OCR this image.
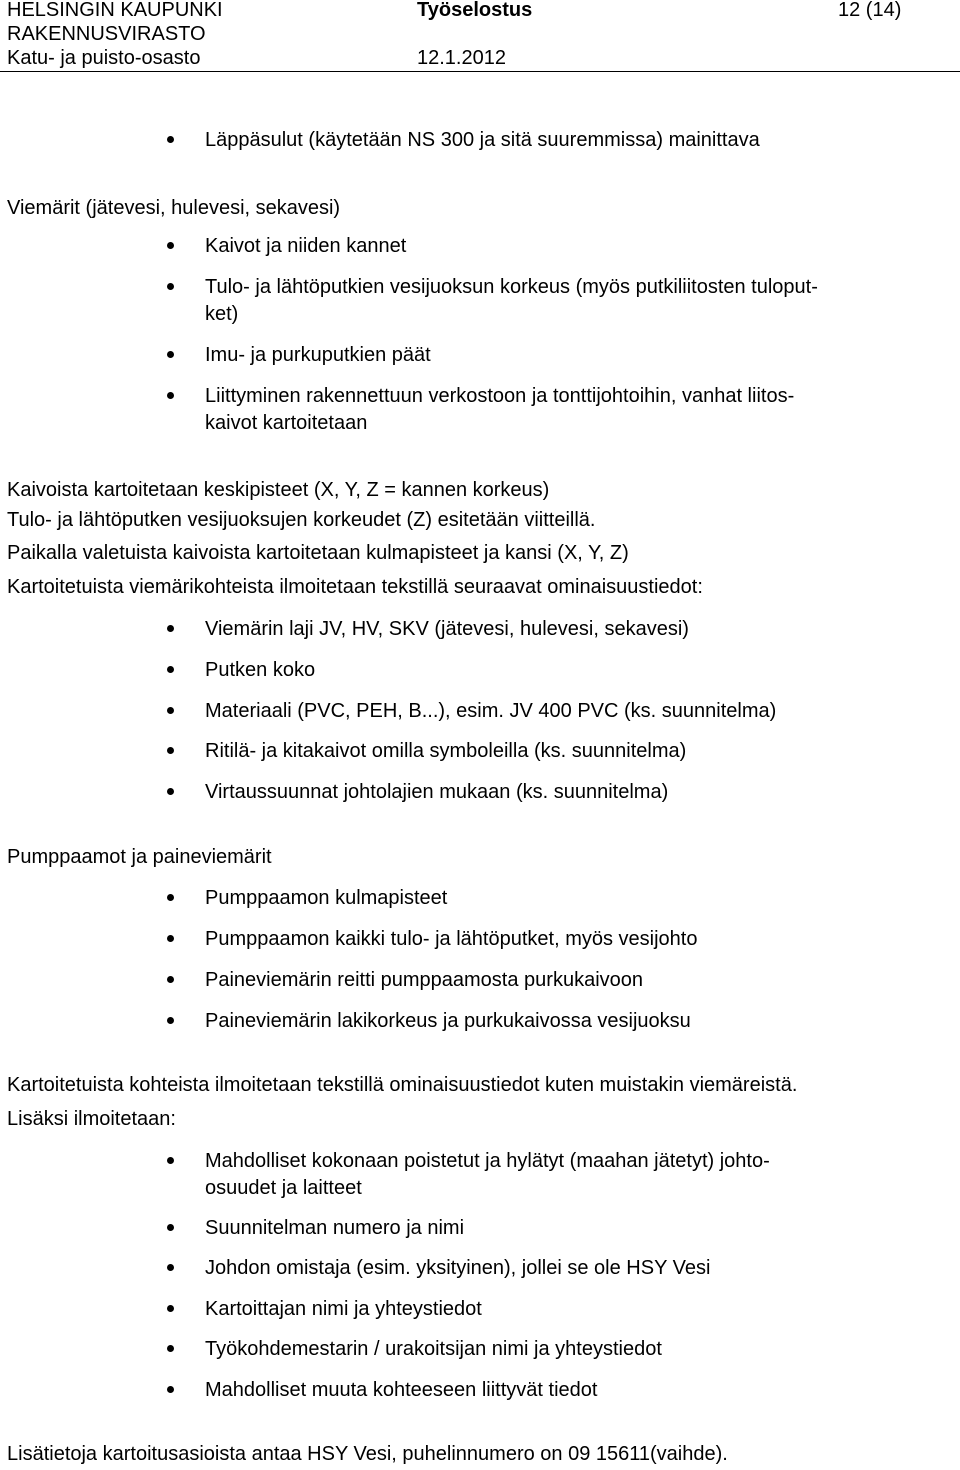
HELSINGIN KAUPUNKI
RAKENNUSVIRASTO
Katu- ja puisto-osasto
Työselostus
12.1.2012
12 (14)
Läppäsulut (käytetään NS 300 ja sitä suuremmissa) mainittava
Viemärit (jätevesi, hulevesi, sekavesi)
Kaivot ja niiden kannet
Tulo- ja lähtöputkien vesijuoksun korkeus (myös putkiliitosten tuloput-
ket)
Imu- ja purkuputkien päät
Liittyminen rakennettuun verkostoon ja tonttijohtoihin, vanhat liitos-
kaivot kartoitetaan
Kaivoista kartoitetaan keskipisteet (X, Y, Z = kannen korkeus)
Tulo- ja lähtöputken vesijuoksujen korkeudet (Z) esitetään viitteillä.
Paikalla valetuista kaivoista kartoitetaan kulmapisteet ja kansi (X, Y, Z)
Kartoitetuista viemärikohteista ilmoitetaan tekstillä seuraavat ominaisuustiedot:
Viemärin laji JV, HV, SKV (jätevesi, hulevesi, sekavesi)
Putken koko
Materiaali (PVC, PEH, B...), esim. JV 400 PVC (ks. suunnitelma)
Ritilä- ja kitakaivot omilla symboleilla (ks. suunnitelma)
Virtaussuunnat johtolajien mukaan (ks. suunnitelma)
Pumppaamot ja paineviemärit
Pumppaamon kulmapisteet
Pumppaamon kaikki tulo- ja lähtöputket, myös vesijohto
Paineviemärin reitti pumppaamosta purkukaivoon
Paineviemärin lakikorkeus ja purkukaivossa vesijuoksu
Kartoitetuista kohteista ilmoitetaan tekstillä ominaisuustiedot kuten muistakin viemäreistä.
Lisäksi ilmoitetaan:
Mahdolliset kokonaan poistetut ja hylätyt (maahan jätetyt) johto-
osuudet ja laitteet
Suunnitelman numero ja nimi
Johdon omistaja (esim. yksityinen), jollei se ole HSY Vesi
Kartoittajan nimi ja yhteystiedot
Työkohdemestarin / urakoitsijan nimi ja yhteystiedot
Mahdolliset muuta kohteeseen liittyvät tiedot
Lisätietoja kartoitusasioista antaa HSY Vesi, puhelinnumero on 09 15611(vaihde).
